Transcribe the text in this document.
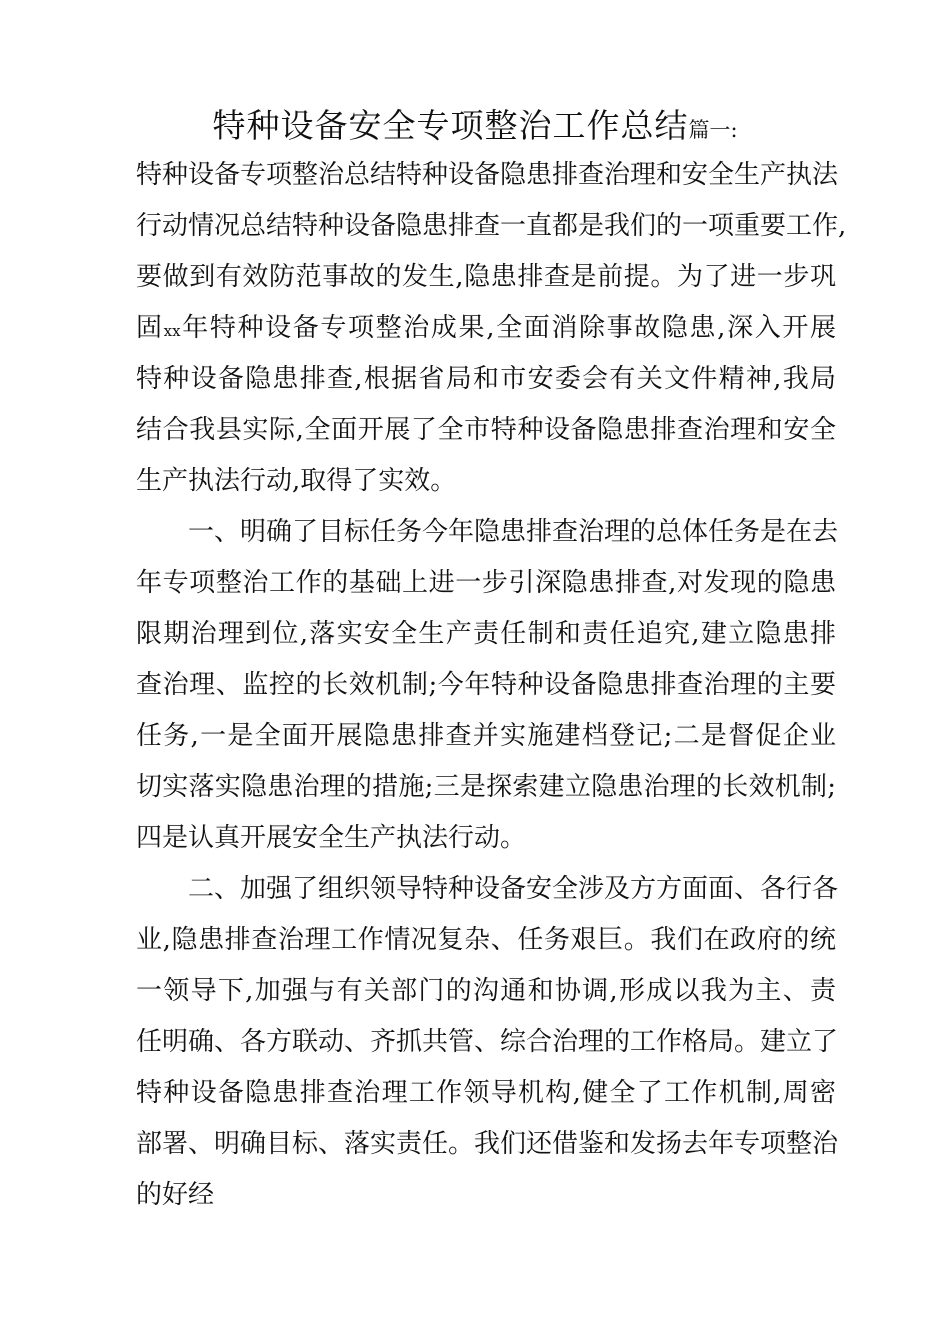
特种设备安全专项整治工作总结篇一:
特种设备专项整治总结特种设备隐患排查治理和安全生产执法
行动情况总结特种设备隐患排查一直都是我们的一项重要工作,
要做到有效防范事故的发生,隐患排查是前提。为了进一步巩
固xx年特种设备专项整治成果,全面消除事故隐患,深入开展
特种设备隐患排查,根据省局和市安委会有关文件精神,我局
结合我县实际,全面开展了全市特种设备隐患排查治理和安全
生产执法行动,取得了实效。
一、明确了目标任务今年隐患排查治理的总体任务是在去
年专项整治工作的基础上进一步引深隐患排查,对发现的隐患
限期治理到位,落实安全生产责任制和责任追究,建立隐患排
查治理、监控的长效机制;今年特种设备隐患排查治理的主要
任务,一是全面开展隐患排查并实施建档登记;二是督促企业
切实落实隐患治理的措施;三是探索建立隐患治理的长效机制;
四是认真开展安全生产执法行动。
二、加强了组织领导特种设备安全涉及方方面面、各行各
业,隐患排查治理工作情况复杂、任务艰巨。我们在政府的统
一领导下,加强与有关部门的沟通和协调,形成以我为主、责
任明确、各方联动、齐抓共管、综合治理的工作格局。建立了
特种设备隐患排查治理工作领导机构,健全了工作机制,周密
部署、明确目标、落实责任。我们还借鉴和发扬去年专项整治
的好经
